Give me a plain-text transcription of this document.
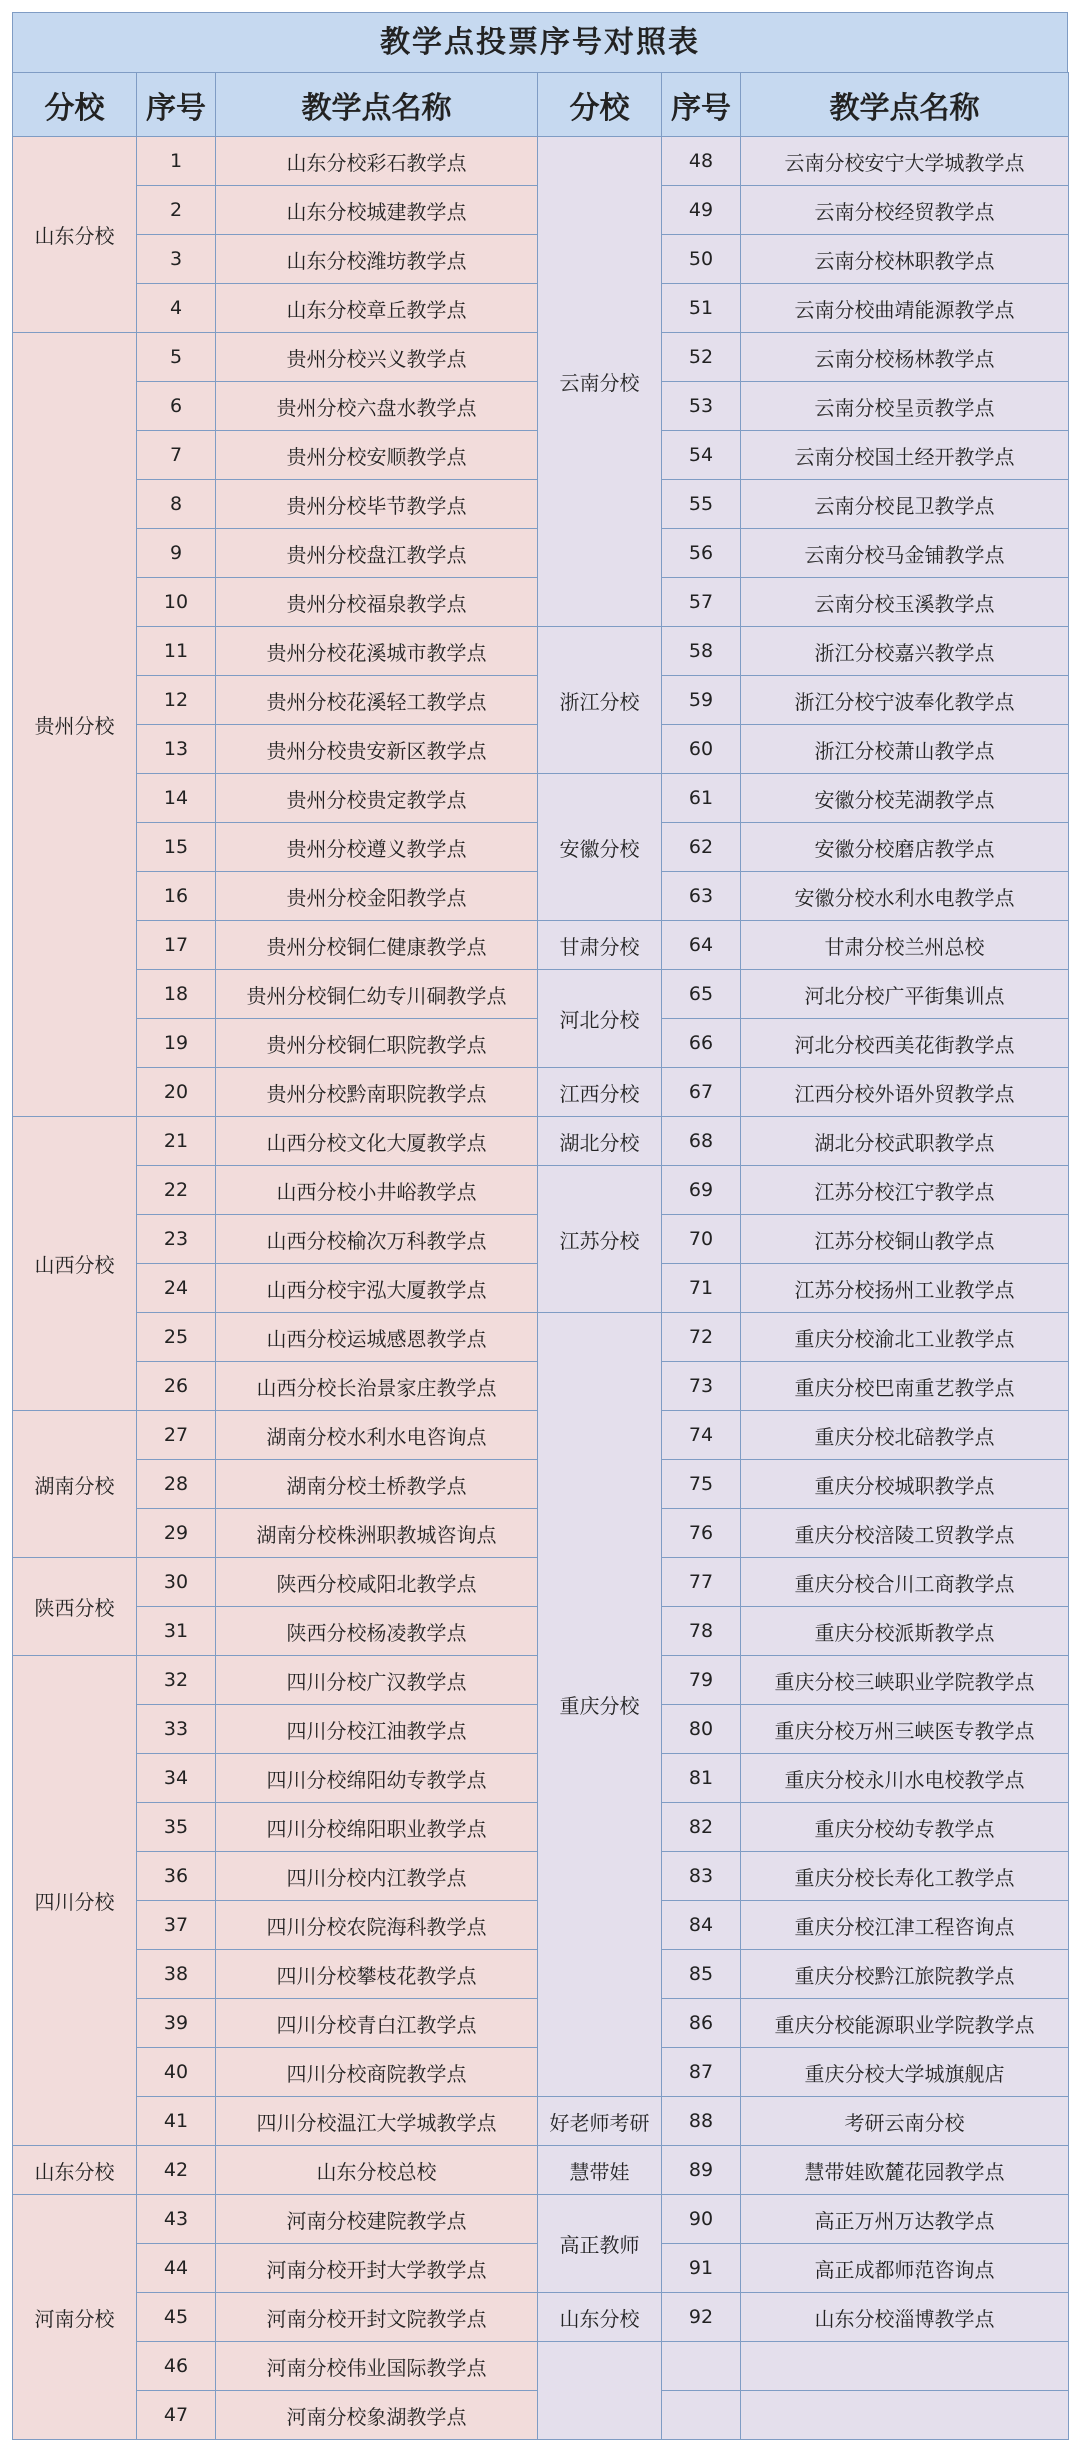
教学点投票序号对照表
分校	序号	教学点名称	分校	序号	教学点名称
山东分校	1	山东分校彩石教学点	云南分校	48	云南分校安宁大学城教学点
	2	山东分校城建教学点		49	云南分校经贸教学点
	3	山东分校潍坊教学点		50	云南分校林职教学点
	4	山东分校章丘教学点		51	云南分校曲靖能源教学点
贵州分校	5	贵州分校兴义教学点		52	云南分校杨林教学点
	6	贵州分校六盘水教学点		53	云南分校呈贡教学点
	7	贵州分校安顺教学点		54	云南分校国土经开教学点
	8	贵州分校毕节教学点		55	云南分校昆卫教学点
	9	贵州分校盘江教学点		56	云南分校马金铺教学点
	10	贵州分校福泉教学点		57	云南分校玉溪教学点
	11	贵州分校花溪城市教学点	浙江分校	58	浙江分校嘉兴教学点
	12	贵州分校花溪轻工教学点		59	浙江分校宁波奉化教学点
	13	贵州分校贵安新区教学点		60	浙江分校萧山教学点
	14	贵州分校贵定教学点	安徽分校	61	安徽分校芜湖教学点
	15	贵州分校遵义教学点		62	安徽分校磨店教学点
	16	贵州分校金阳教学点		63	安徽分校水利水电教学点
	17	贵州分校铜仁健康教学点	甘肃分校	64	甘肃分校兰州总校
	18	贵州分校铜仁幼专川硐教学点	河北分校	65	河北分校广平街集训点
	19	贵州分校铜仁职院教学点		66	河北分校西美花街教学点
	20	贵州分校黔南职院教学点	江西分校	67	江西分校外语外贸教学点
山西分校	21	山西分校文化大厦教学点	湖北分校	68	湖北分校武职教学点
	22	山西分校小井峪教学点	江苏分校	69	江苏分校江宁教学点
	23	山西分校榆次万科教学点		70	江苏分校铜山教学点
	24	山西分校宇泓大厦教学点		71	江苏分校扬州工业教学点
	25	山西分校运城感恩教学点	重庆分校	72	重庆分校渝北工业教学点
	26	山西分校长治景家庄教学点		73	重庆分校巴南重艺教学点
湖南分校	27	湖南分校水利水电咨询点		74	重庆分校北碚教学点
	28	湖南分校土桥教学点		75	重庆分校城职教学点
	29	湖南分校株洲职教城咨询点		76	重庆分校涪陵工贸教学点
陕西分校	30	陕西分校咸阳北教学点		77	重庆分校合川工商教学点
	31	陕西分校杨凌教学点		78	重庆分校派斯教学点
四川分校	32	四川分校广汉教学点		79	重庆分校三峡职业学院教学点
	33	四川分校江油教学点		80	重庆分校万州三峡医专教学点
	34	四川分校绵阳幼专教学点		81	重庆分校永川水电校教学点
	35	四川分校绵阳职业教学点		82	重庆分校幼专教学点
	36	四川分校内江教学点		83	重庆分校长寿化工教学点
	37	四川分校农院海科教学点		84	重庆分校江津工程咨询点
	38	四川分校攀枝花教学点		85	重庆分校黔江旅院教学点
	39	四川分校青白江教学点		86	重庆分校能源职业学院教学点
	40	四川分校商院教学点		87	重庆分校大学城旗舰店
	41	四川分校温江大学城教学点	好老师考研	88	考研云南分校
山东分校	42	山东分校总校	慧带娃	89	慧带娃欧麓花园教学点
河南分校	43	河南分校建院教学点	高正教师	90	高正万州万达教学点
	44	河南分校开封大学教学点		91	高正成都师范咨询点
	45	河南分校开封文院教学点	山东分校	92	山东分校淄博教学点
	46	河南分校伟业国际教学点			
	47	河南分校象湖教学点			
